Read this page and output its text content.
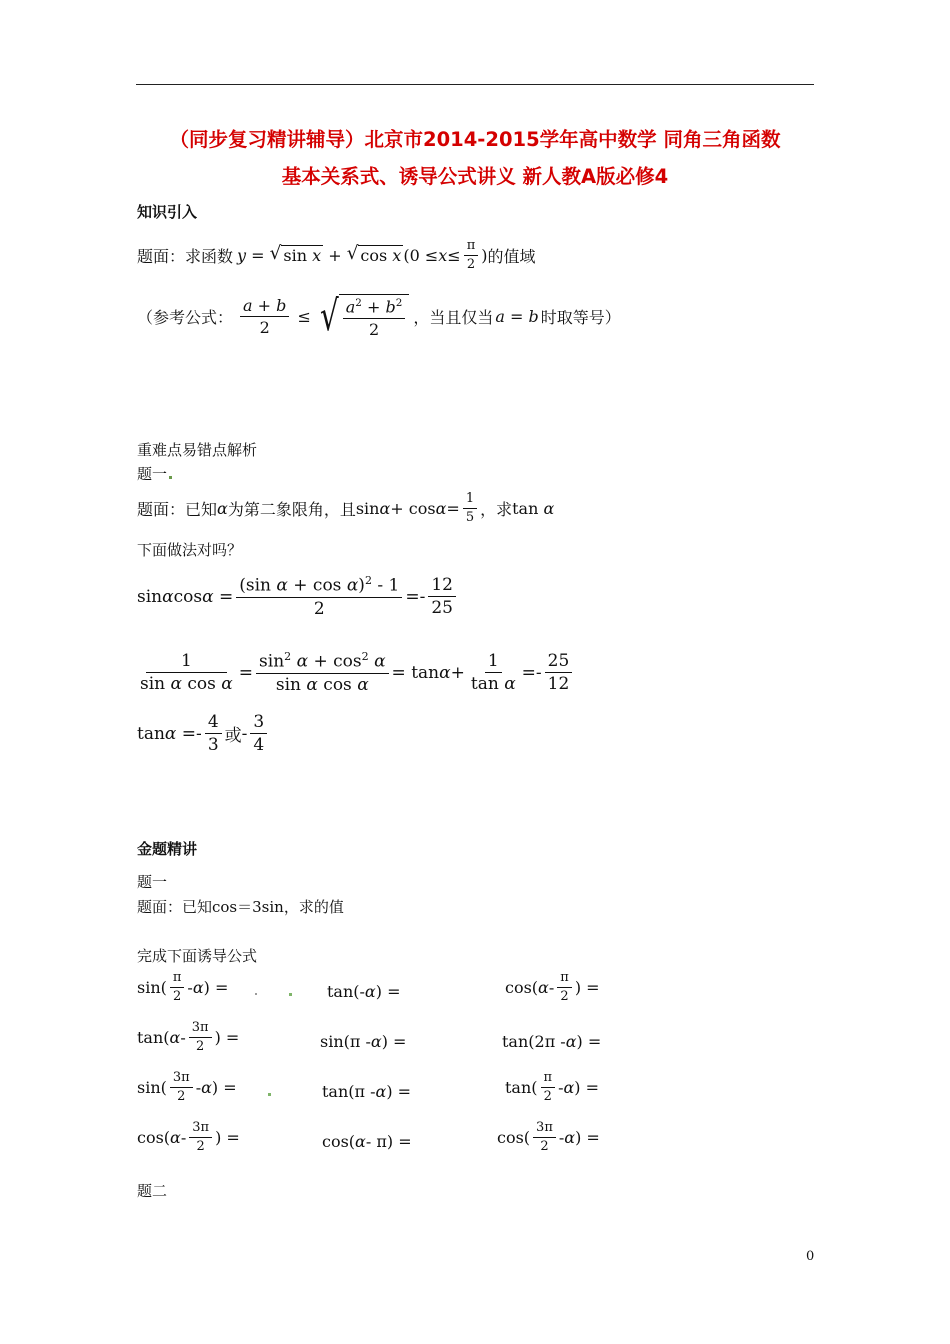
（同步复习精讲辅导）北京市2014-2015学年高中数学 同角三角函数
基本关系式、诱导公式讲义 新人教A版必修4
知识引入
题面：求函数 y = √ sin x + √ cos x ($0 \le x \le \frac{\pi}{2}$ ) 的值域
（参考公式： $\frac{a + b}{2}$ ≤ √ $\frac{a^2 + b^2}{2}$ ，当且仅当 a = b 时取等号）
重难点易错点解析
题一
题面：已知 α 为第二象限角，且 $\sin \alpha + \cos \alpha = \frac{1}{5}$ ，求 tan α
下面做法对吗？
sin α $\cos \alpha = \frac{(\sin \alpha + \cos \alpha)^2 - 1}{2} =- \frac{12}{25}$
$\frac{1}{\text{sin α cos α}} = \frac{\sin^2 \alpha + \cos^2 \alpha}{\text{sin α cos α}} = \tan \alpha + \frac{1}{\text{tan α}} =- \frac{25}{12}$
$\tan \alpha =- \frac{4}{3}$ 或 - $\frac{3}{4}$
金题精讲
题一
题面：已知cos＝3sin，求的值
完成下面诱导公式
$\sin( \frac{\pi}{2}$ - α ) =	tan(- α ) =	cos( α - $\frac{\pi}{2}$ ) =
tan( α - $\frac{3\pi}{2}$ ) =	sin(π - α ) =	tan(2π - α ) =
$\sin( \frac{3\pi}{2}$ - α ) =	tan(π - α ) =	$\tan( \frac{\pi}{2}$ - α ) =
cos( α - $\frac{3\pi}{2}$ ) =	cos( α - π) =	$\cos( \frac{3\pi}{2}$ - α ) =
题二
0
